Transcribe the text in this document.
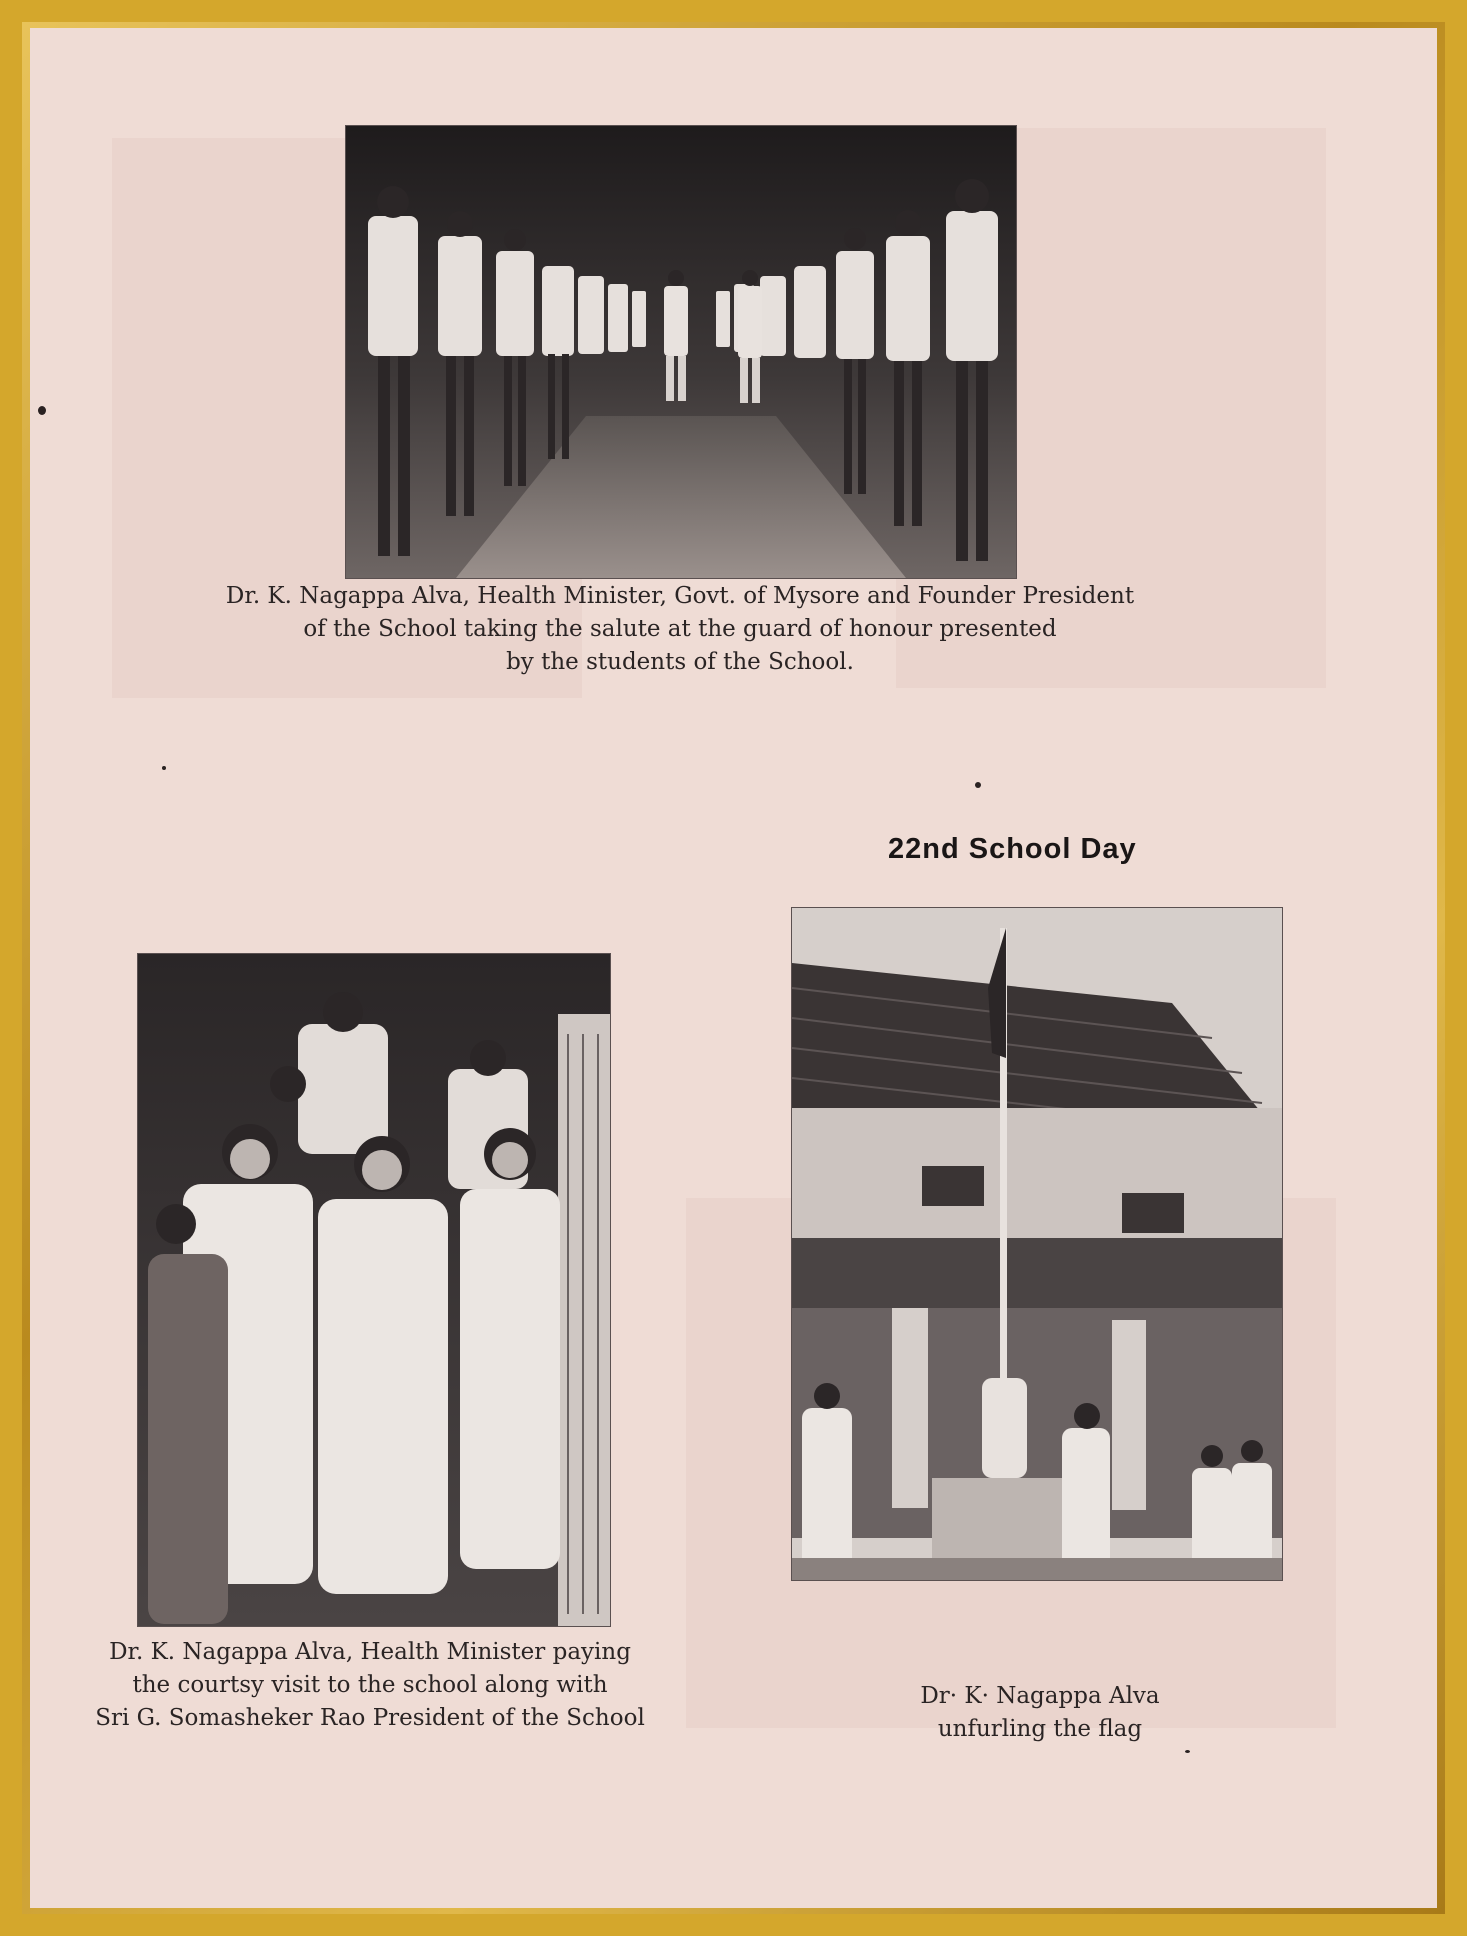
Dr. K. Nagappa Alva, Health Minister, Govt. of Mysore and Founder President
of the School taking the salute at the guard of honour presented
by the students of the School.
22nd School Day
Dr. K. Nagappa Alva, Health Minister paying
the courtsy visit to the school along with
Sri G. Somasheker Rao President of the School
Dr· K· Nagappa Alva
unfurling the flag
